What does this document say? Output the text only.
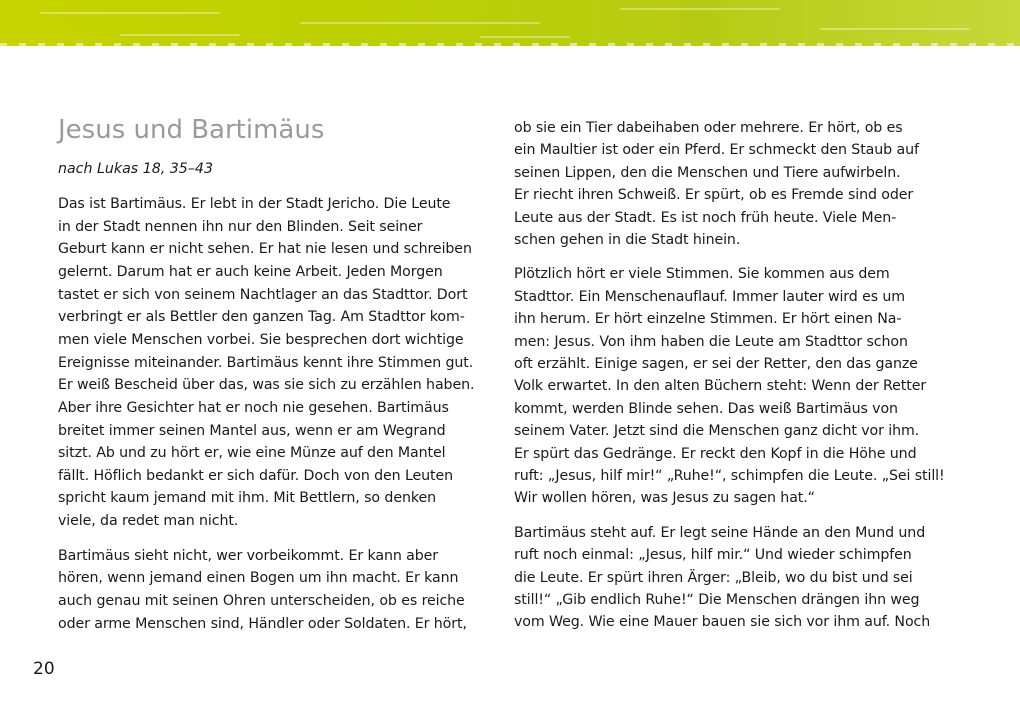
Jesus und Bartimäus

nach Lukas 18, 35–43

Das ist Bartimäus. Er lebt in der Stadt Jericho. Die Leute

in der Stadt nennen ihn nur den Blinden. Seit seiner

Geburt kann er nicht sehen. Er hat nie lesen und schreiben

gelernt. Darum hat er auch keine Arbeit. Jeden Morgen

tastet er sich von seinem Nachtlager an das Stadttor. Dort

verbringt er als Bettler den ganzen Tag. Am Stadttor kom-

men viele Menschen vorbei. Sie besprechen dort wichtige

Ereignisse miteinander. Bartimäus kennt ihre Stimmen gut.

Er weiß Bescheid über das, was sie sich zu erzählen haben.

Aber ihre Gesichter hat er noch nie gesehen. Bartimäus

breitet immer seinen Mantel aus, wenn er am Wegrand

sitzt. Ab und zu hört er, wie eine Münze auf den Mantel

fällt. Höflich bedankt er sich dafür. Doch von den Leuten

spricht kaum jemand mit ihm. Mit Bettlern, so denken

viele, da redet man nicht.

Bartimäus sieht nicht, wer vorbeikommt. Er kann aber

hören, wenn jemand einen Bogen um ihn macht. Er kann

auch genau mit seinen Ohren unterscheiden, ob es reiche

oder arme Menschen sind, Händler oder Soldaten. Er hört,

ob sie ein Tier dabeihaben oder mehrere. Er hört, ob es

ein Maultier ist oder ein Pferd. Er schmeckt den Staub auf

seinen Lippen, den die Menschen und Tiere aufwirbeln.

Er riecht ihren Schweiß. Er spürt, ob es Fremde sind oder

Leute aus der Stadt. Es ist noch früh heute. Viele Men-

schen gehen in die Stadt hinein.

Plötzlich hört er viele Stimmen. Sie kommen aus dem

Stadttor. Ein Menschenauflauf. Immer lauter wird es um

ihn herum. Er hört einzelne Stimmen. Er hört einen Na-

men: Jesus. Von ihm haben die Leute am Stadttor schon

oft erzählt. Einige sagen, er sei der Retter, den das ganze

Volk erwartet. In den alten Büchern steht: Wenn der Retter

kommt, werden Blinde sehen. Das weiß Bartimäus von

seinem Vater. Jetzt sind die Menschen ganz dicht vor ihm.

Er spürt das Gedränge. Er reckt den Kopf in die Höhe und

ruft: „Jesus, hilf mir!“ „Ruhe!“, schimpfen die Leute. „Sei still!

Wir wollen hören, was Jesus zu sagen hat.“

Bartimäus steht auf. Er legt seine Hände an den Mund und

ruft noch einmal: „Jesus, hilf mir.“ Und wieder schimpfen

die Leute. Er spürt ihren Ärger: „Bleib, wo du bist und sei

still!“ „Gib endlich Ruhe!“ Die Menschen drängen ihn weg

vom Weg. Wie eine Mauer bauen sie sich vor ihm auf. Noch

20
